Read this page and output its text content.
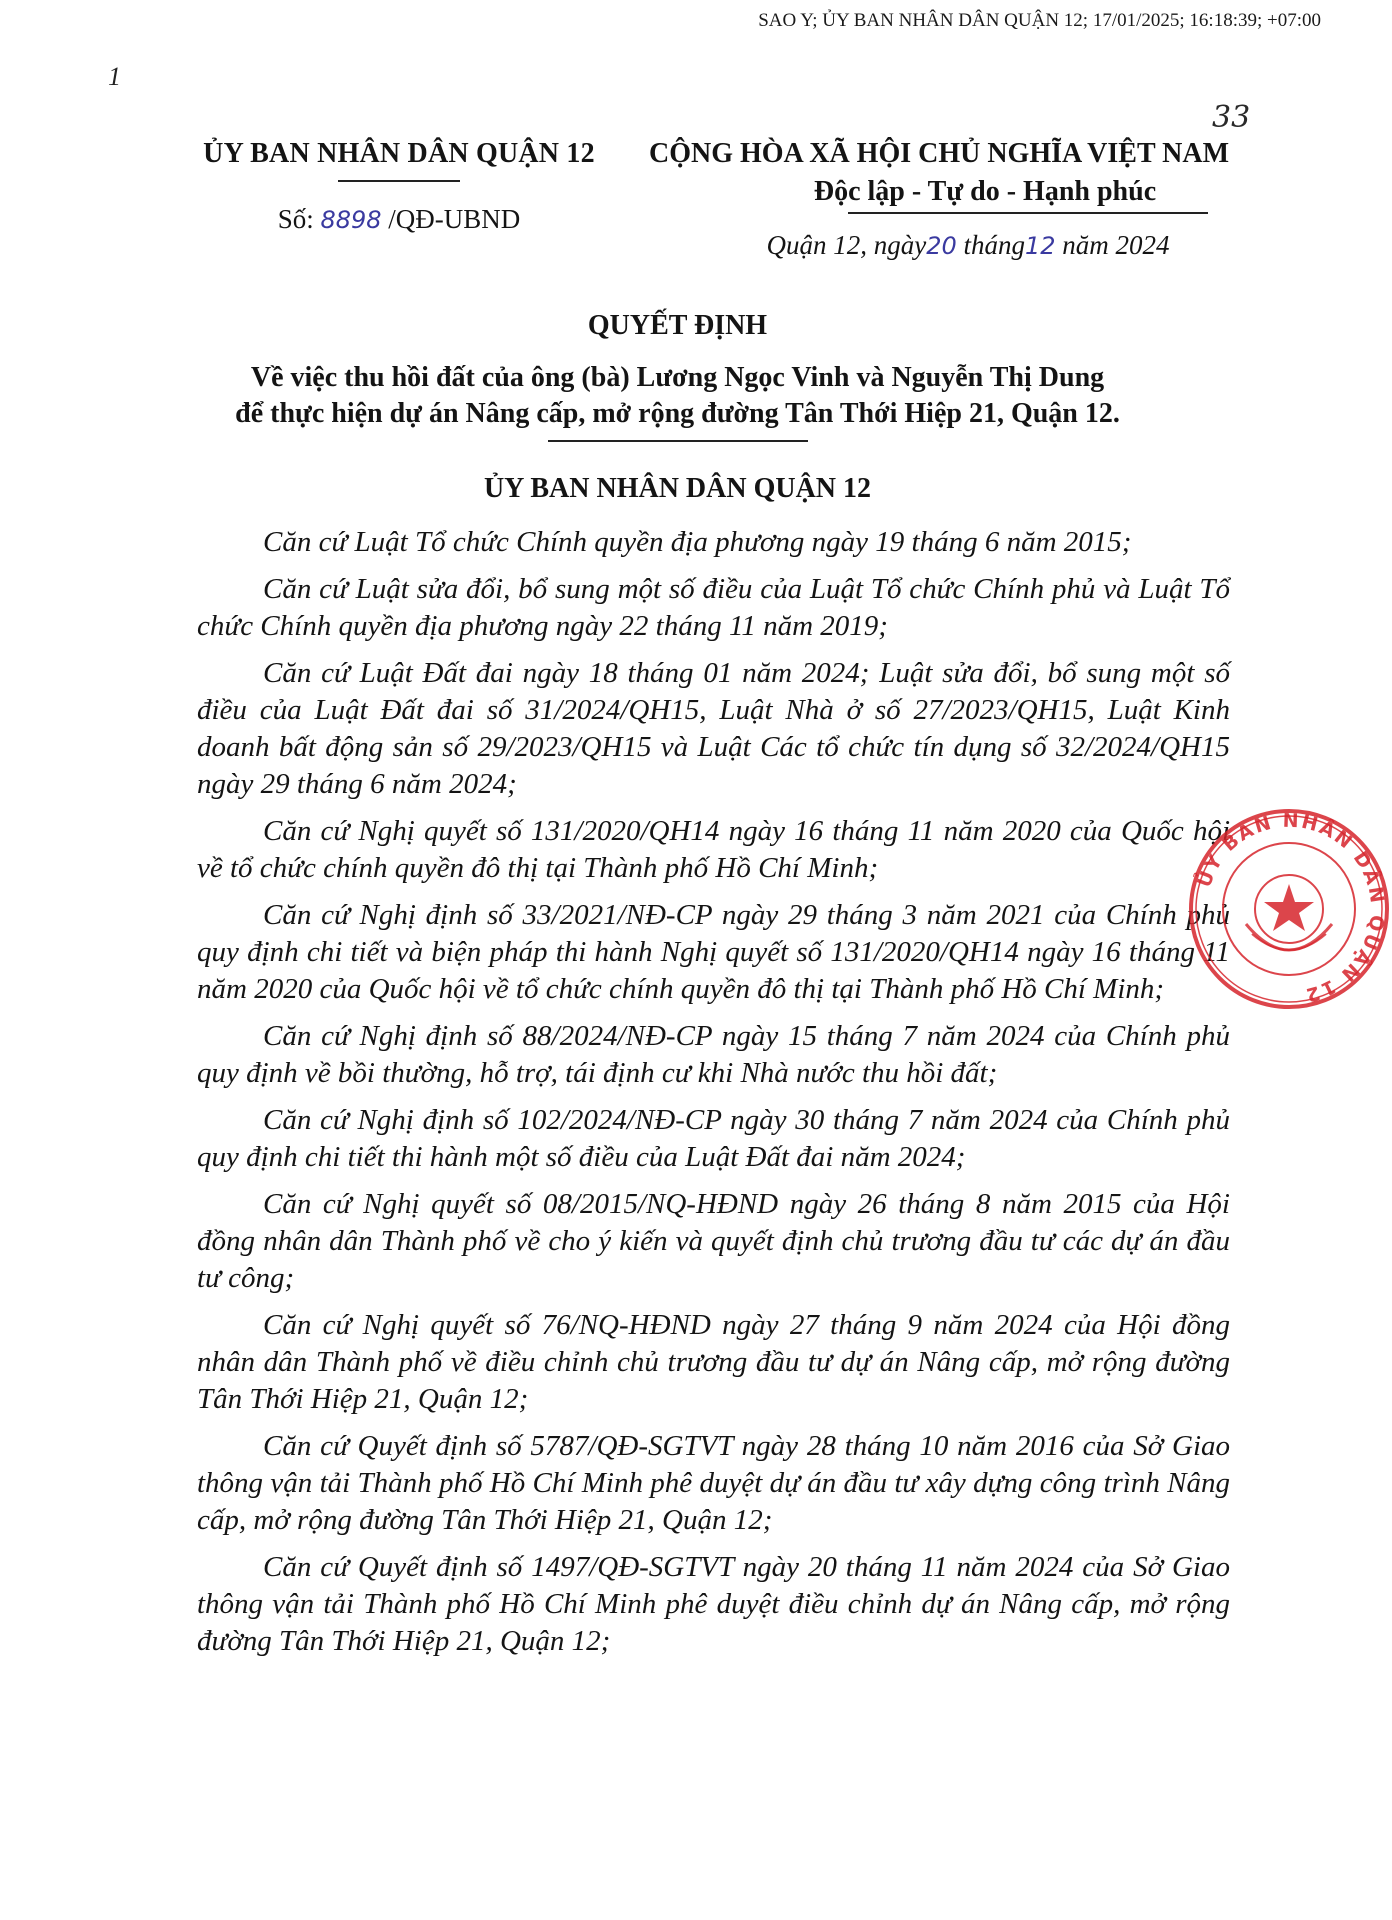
SAO Y; ỦY BAN NHÂN DÂN QUẬN 12; 17/01/2025; 16:18:39; +07:00
1
33
ỦY BAN NHÂN DÂN QUẬN 12
Số: 8898 /QĐ-UBND
CỘNG HÒA XÃ HỘI CHỦ NGHĨA VIỆT NAM
Độc lập - Tự do - Hạnh phúc
Quận 12, ngày20 tháng12 năm 2024
QUYẾT ĐỊNH
Về việc thu hồi đất của ông (bà) Lương Ngọc Vinh và Nguyễn Thị Dung
để thực hiện dự án Nâng cấp, mở rộng đường Tân Thới Hiệp 21, Quận 12.
ỦY BAN NHÂN DÂN QUẬN 12

Căn cứ Luật Tổ chức Chính quyền địa phương ngày 19 tháng 6 năm 2015;

Căn cứ Luật sửa đổi, bổ sung một số điều của Luật Tổ chức Chính phủ và Luật Tổ chức Chính quyền địa phương ngày 22 tháng 11 năm 2019;

Căn cứ Luật Đất đai ngày 18 tháng 01 năm 2024; Luật sửa đổi, bổ sung một số điều của Luật Đất đai số 31/2024/QH15, Luật Nhà ở số 27/2023/QH15, Luật Kinh doanh bất động sản số 29/2023/QH15 và Luật Các tổ chức tín dụng số 32/2024/QH15 ngày 29 tháng 6 năm 2024;

Căn cứ Nghị quyết số 131/2020/QH14 ngày 16 tháng 11 năm 2020 của Quốc hội về tổ chức chính quyền đô thị tại Thành phố Hồ Chí Minh;

Căn cứ Nghị định số 33/2021/NĐ-CP ngày 29 tháng 3 năm 2021 của Chính phủ quy định chi tiết và biện pháp thi hành Nghị quyết số 131/2020/QH14 ngày 16 tháng 11 năm 2020 của Quốc hội về tổ chức chính quyền đô thị tại Thành phố Hồ Chí Minh;

Căn cứ Nghị định số 88/2024/NĐ-CP ngày 15 tháng 7 năm 2024 của Chính phủ quy định về bồi thường, hỗ trợ, tái định cư khi Nhà nước thu hồi đất;

Căn cứ Nghị định số 102/2024/NĐ-CP ngày 30 tháng 7 năm 2024 của Chính phủ quy định chi tiết thi hành một số điều của Luật Đất đai năm 2024;

Căn cứ Nghị quyết số 08/2015/NQ-HĐND ngày 26 tháng 8 năm 2015 của Hội đồng nhân dân Thành phố về cho ý kiến và quyết định chủ trương đầu tư các dự án đầu tư công;

Căn cứ Nghị quyết số 76/NQ-HĐND ngày 27 tháng 9 năm 2024 của Hội đồng nhân dân Thành phố về điều chỉnh chủ trương đầu tư dự án Nâng cấp, mở rộng đường Tân Thới Hiệp 21, Quận 12;

Căn cứ Quyết định số 5787/QĐ-SGTVT ngày 28 tháng 10 năm 2016 của Sở Giao thông vận tải Thành phố Hồ Chí Minh phê duyệt dự án đầu tư xây dựng công trình Nâng cấp, mở rộng đường Tân Thới Hiệp 21, Quận 12;

Căn cứ Quyết định số 1497/QĐ-SGTVT ngày 20 tháng 11 năm 2024 của Sở Giao thông vận tải Thành phố Hồ Chí Minh phê duyệt điều chỉnh dự án Nâng cấp, mở rộng đường Tân Thới Hiệp 21, Quận 12;

ỦY BAN NHÂN DÂN QUẬN 12
